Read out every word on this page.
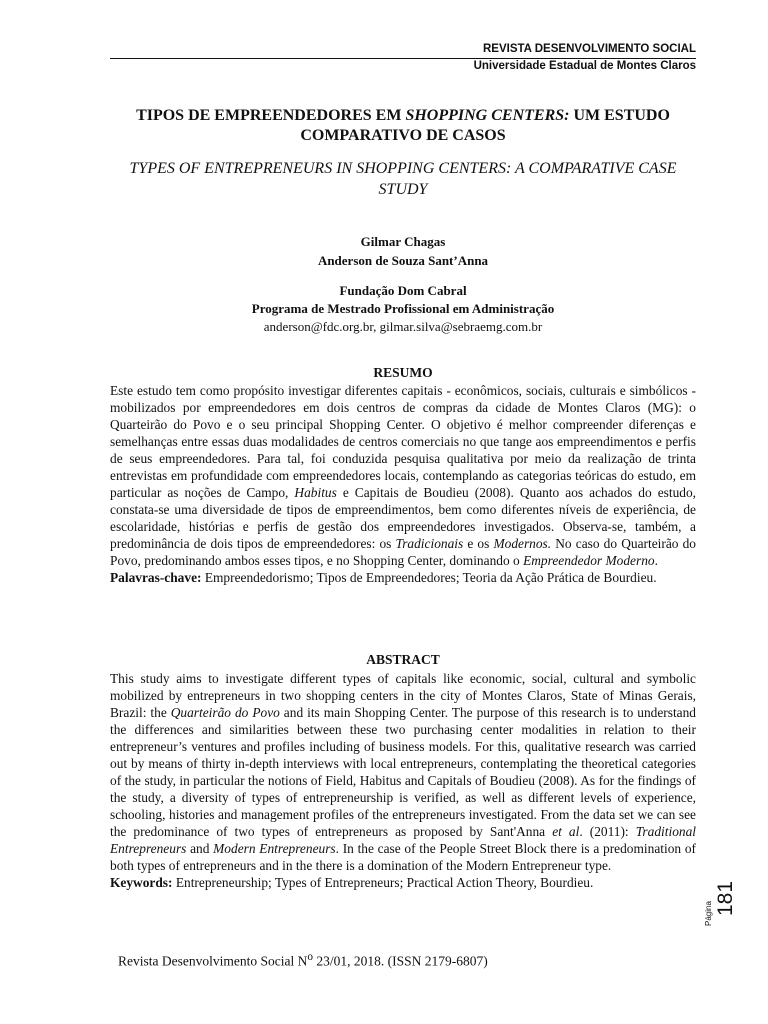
REVISTA DESENVOLVIMENTO SOCIAL
Universidade Estadual de Montes Claros
TIPOS DE EMPREENDEDORES EM SHOPPING CENTERS: UM ESTUDO COMPARATIVO DE CASOS
TYPES OF ENTREPRENEURS IN SHOPPING CENTERS: A COMPARATIVE CASE STUDY
Gilmar Chagas
Anderson de Souza Sant’Anna
Fundação Dom Cabral
Programa de Mestrado Profissional em Administração
anderson@fdc.org.br, gilmar.silva@sebraemg.com.br
RESUMO

Este estudo tem como propósito investigar diferentes capitais - econômicos, sociais, culturais e simbólicos - mobilizados por empreendedores em dois centros de compras da cidade de Montes Claros (MG): o Quarteirão do Povo e o seu principal Shopping Center. O objetivo é melhor compreender diferenças e semelhanças entre essas duas modalidades de centros comerciais no que tange aos empreendimentos e perfis de seus empreendedores. Para tal, foi conduzida pesquisa qualitativa por meio da realização de trinta entrevistas em profundidade com empreendedores locais, contemplando as categorias teóricas do estudo, em particular as noções de Campo, Habitus e Capitais de Boudieu (2008). Quanto aos achados do estudo, constata-se uma diversidade de tipos de empreendimentos, bem como diferentes níveis de experiência, de escolaridade, histórias e perfis de gestão dos empreendedores investigados. Observa-se, também, a predominância de dois tipos de empreendedores: os Tradicionais e os Modernos. No caso do Quarteirão do Povo, predominando ambos esses tipos, e no Shopping Center, dominando o Empreendedor Moderno.

Palavras-chave: Empreendedorismo; Tipos de Empreendedores; Teoria da Ação Prática de Bourdieu.

ABSTRACT

This study aims to investigate different types of capitals like economic, social, cultural and symbolic mobilized by entrepreneurs in two shopping centers in the city of Montes Claros, State of Minas Gerais, Brazil: the Quarteirão do Povo and its main Shopping Center. The purpose of this research is to understand the differences and similarities between these two purchasing center modalities in relation to their entrepreneur’s ventures and profiles including of business models. For this, qualitative research was carried out by means of thirty in-depth interviews with local entrepreneurs, contemplating the theoretical categories of the study, in particular the notions of Field, Habitus and Capitals of Boudieu (2008). As for the findings of the study, a diversity of types of entrepreneurship is verified, as well as different levels of experience, schooling, histories and management profiles of the entrepreneurs investigated. From the data set we can see the predominance of two types of entrepreneurs as proposed by Sant'Anna et al. (2011): Traditional Entrepreneurs and Modern Entrepreneurs. In the case of the People Street Block there is a predomination of both types of entrepreneurs and in the there is a domination of the Modern Entrepreneur type.

Keywords: Entrepreneurship; Types of Entrepreneurs; Practical Action Theory, Bourdieu.

Revista Desenvolvimento Social $N^o$ 23/01, 2018. (ISSN 2179-6807)
Página 181
